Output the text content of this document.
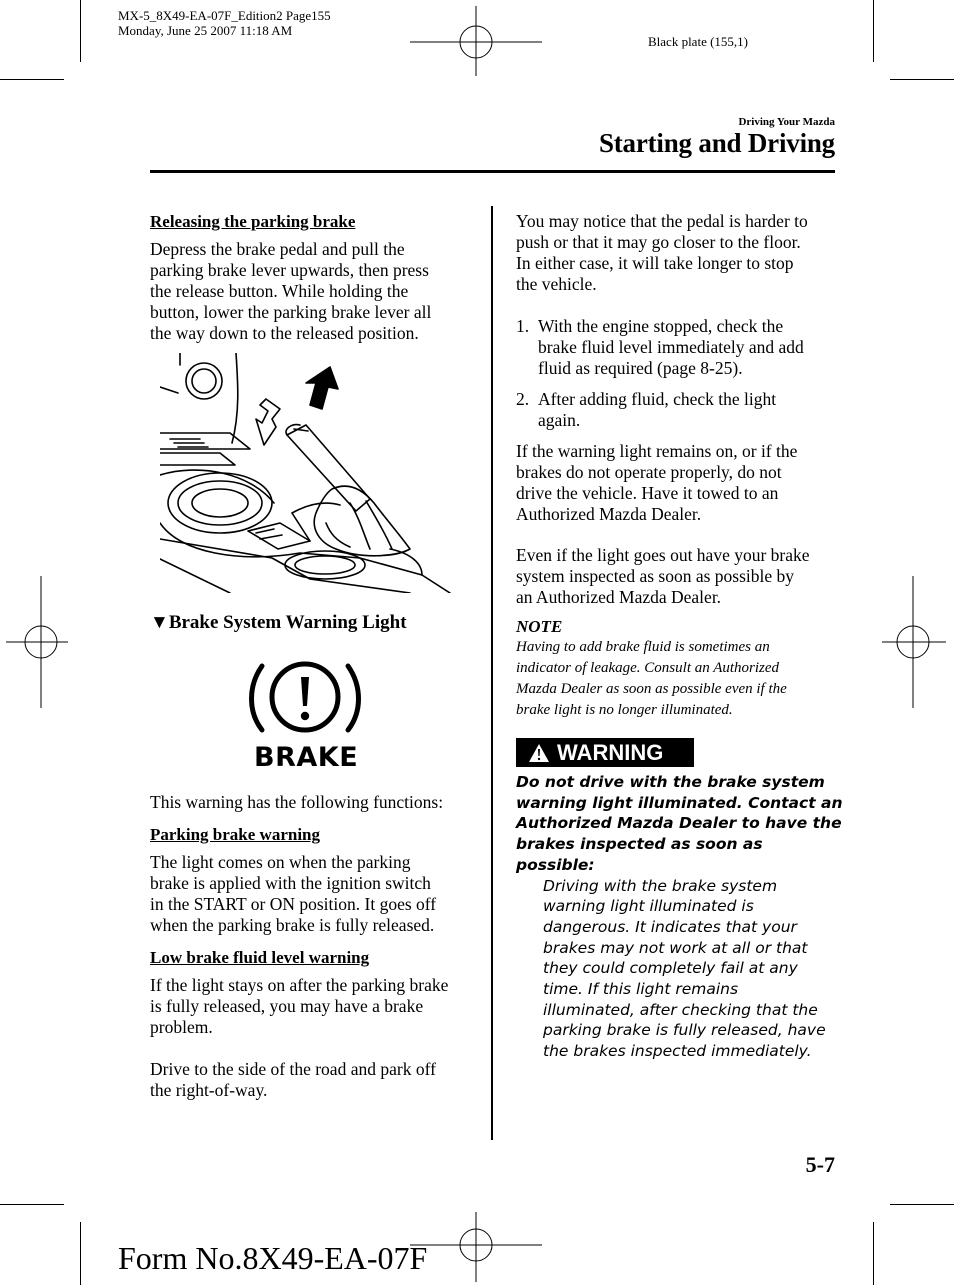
MX-5_8X49-EA-07F_Edition2 Page155
Monday, June 25 2007 11:18 AM
Black plate (155,1)
Driving Your Mazda
Starting and Driving

Releasing the parking brake

Depress the brake pedal and pull the
parking brake lever upwards, then press
the release button. While holding the
button, lower the parking brake lever all
the way down to the released position.

▼Brake System Warning Light
BRAKE

This warning has the following functions:

Parking brake warning

The light comes on when the parking
brake is applied with the ignition switch
in the START or ON position. It goes off
when the parking brake is fully released.

Low brake fluid level warning

If the light stays on after the parking brake
is fully released, you may have a brake
problem.

Drive to the side of the road and park off
the right-of-way.

You may notice that the pedal is harder to
push or that it may go closer to the floor.
In either case, it will take longer to stop
the vehicle.

1. With the engine stopped, check the
brake fluid level immediately and add
fluid as required (page 8-25).
2. After adding fluid, check the light
again.

If the warning light remains on, or if the
brakes do not operate properly, do not
drive the vehicle. Have it towed to an
Authorized Mazda Dealer.

Even if the light goes out have your brake
system inspected as soon as possible by
an Authorized Mazda Dealer.

NOTE

Having to add brake fluid is sometimes an
indicator of leakage. Consult an Authorized
Mazda Dealer as soon as possible even if the
brake light is no longer illuminated.

WARNING
Do not drive with the brake system
warning light illuminated. Contact an
Authorized Mazda Dealer to have the
brakes inspected as soon as possible:
Driving with the brake system
warning light illuminated is
dangerous. It indicates that your
brakes may not work at all or that
they could completely fail at any
time. If this light remains
illuminated, after checking that the
parking brake is fully released, have
the brakes inspected immediately.
5-7
Form No.8X49-EA-07F
